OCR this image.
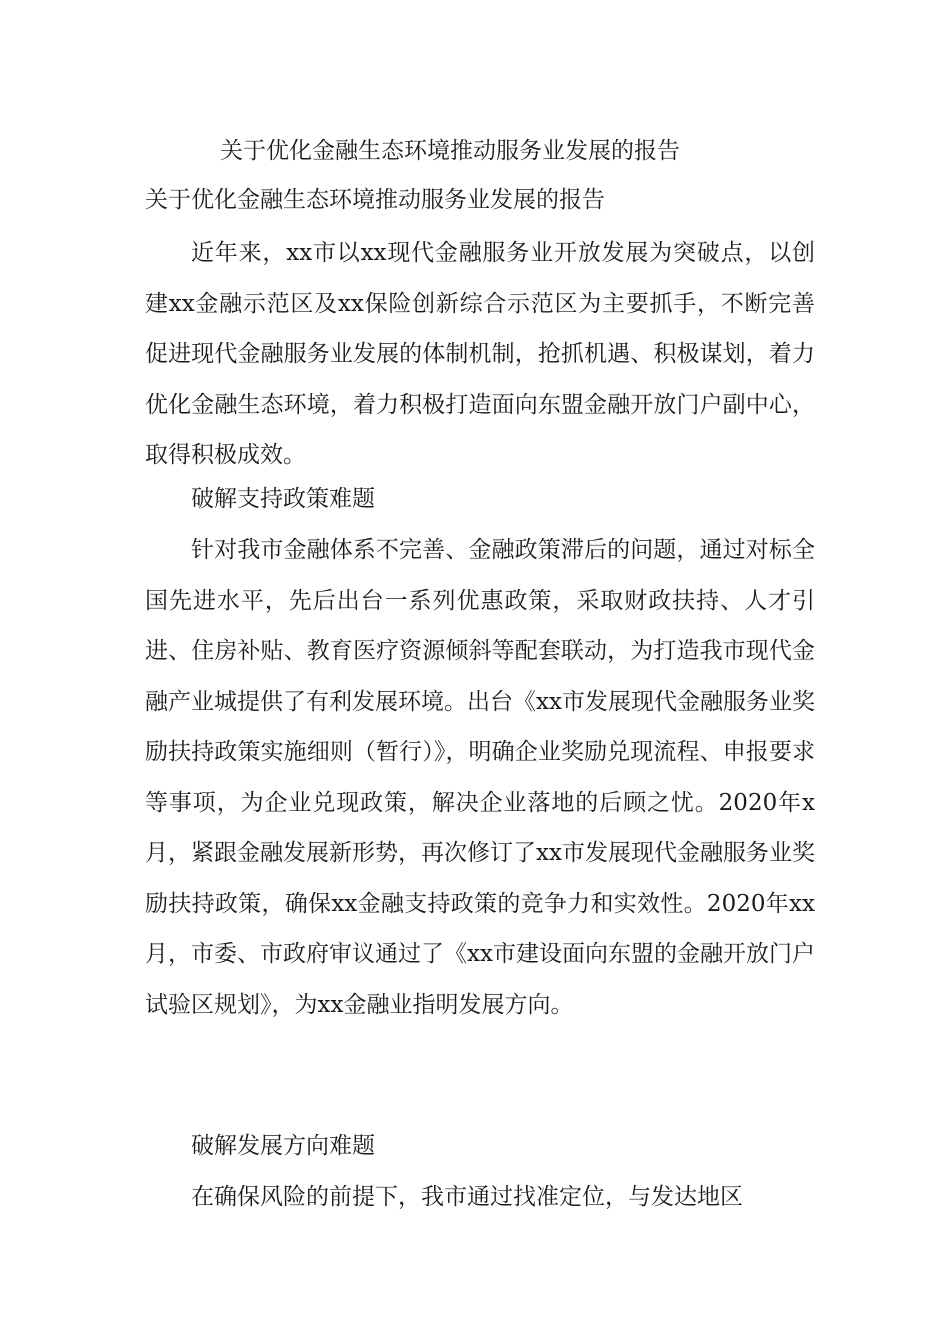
关于优化金融生态环境推动服务业发展的报告

关于优化金融生态环境推动服务业发展的报告

近年来，xx市以xx现代金融服务业开放发展为突破点，以创建xx金融示范区及xx保险创新综合示范区为主要抓手，不断完善促进现代金融服务业发展的体制机制，抢抓机遇、积极谋划，着力优化金融生态环境，着力积极打造面向东盟金融开放门户副中心，取得积极成效。

破解支持政策难题

针对我市金融体系不完善、金融政策滞后的问题，通过对标全国先进水平，先后出台一系列优惠政策，采取财政扶持、人才引进、住房补贴、教育医疗资源倾斜等配套联动，为打造我市现代金融产业城提供了有利发展环境。出台《xx市发展现代金融服务业奖励扶持政策实施细则（暂行）》，明确企业奖励兑现流程、申报要求等事项，为企业兑现政策，解决企业落地的后顾之忧。2020年x月，紧跟金融发展新形势，再次修订了xx市发展现代金融服务业奖励扶持政策，确保xx金融支持政策的竞争力和实效性。2020年xx月，市委、市政府审议通过了《xx市建设面向东盟的金融开放门户试验区规划》，为xx金融业指明发展方向。

破解发展方向难题

在确保风险的前提下，我市通过找准定位，与发达地区
